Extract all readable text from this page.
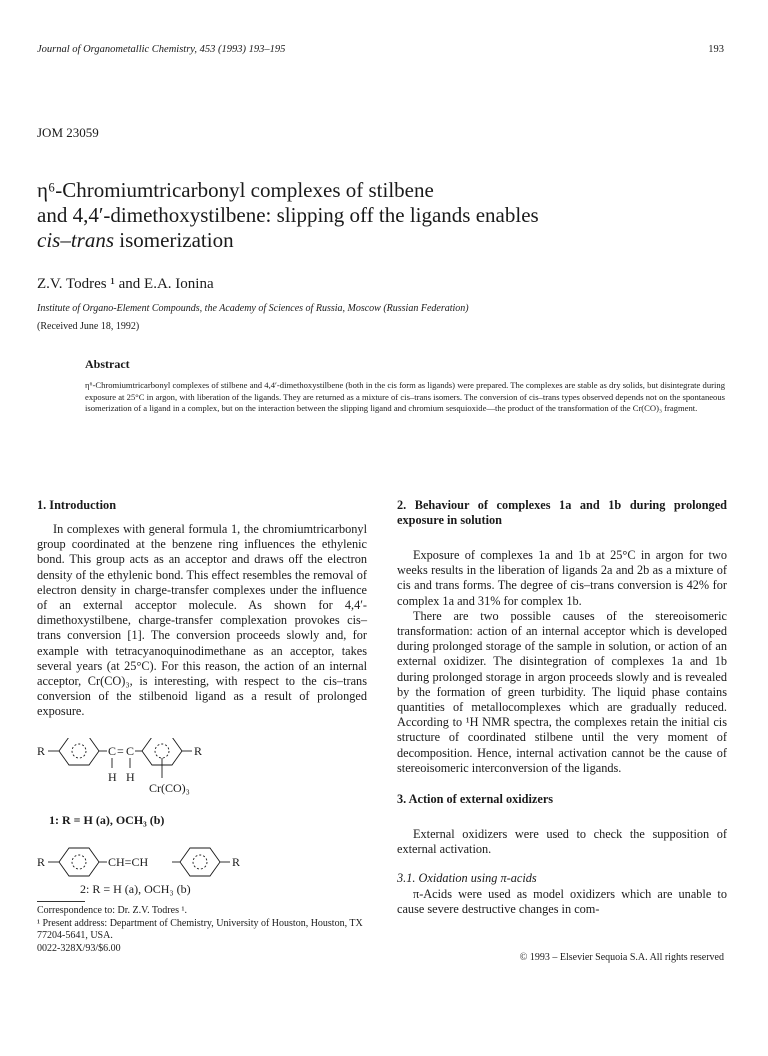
Journal of Organometallic Chemistry, 453 (1993) 193–195	193
JOM 23059
η⁶-Chromiumtricarbonyl complexes of stilbene
and 4,4′-dimethoxystilbene: slipping off the ligands enables
cis–trans isomerization
Z.V. Todres ¹ and E.A. Ionina
Institute of Organo-Element Compounds, the Academy of Sciences of Russia, Moscow (Russian Federation)
(Received June 18, 1992)
Abstract
η⁶-Chromiumtricarbonyl complexes of stilbene and 4,4′-dimethoxystilbene (both in the cis form as ligands) were prepared. The complexes are stable as dry solids, but disintegrate during exposure at 25°C in argon, with liberation of the ligands. They are returned as a mixture of cis–trans isomers. The conversion of cis–trans types observed depends not on the spontaneous isomerization of a ligand in a complex, but on the interaction between the slipping ligand and chromium sesquioxide—the product of the transformation of the Cr(CO)₃ fragment.

1. Introduction

In complexes with general formula 1, the chromiumtricarbonyl group coordinated at the benzene ring influences the ethylenic bond. This group acts as an acceptor and draws off the electron density of the ethylenic bond. This effect resembles the removal of electron density in charge-transfer complexes under the influence of an external acceptor molecule. As shown for 4,4′-dimethoxystilbene, charge-transfer complexation provokes cis–trans conversion [1]. The conversion proceeds slowly and, for example with tetracyanoquinodimethane as an acceptor, takes several years (at 25°C). For this reason, the action of an internal acceptor, Cr(CO)₃, is interesting, with respect to the cis–trans conversion of the stilbenoid ligand as a result of prolonged exposure.

R	C = C	R
H H
Cr(CO)₃
1: R = H (a), OCH₃ (b)
R	CH=CH	R
2: R = H (a), OCH₃ (b)
Correspondence to: Dr. Z.V. Todres ¹.
¹ Present address: Department of Chemistry, University of Houston, Houston, TX 77204-5641, USA.
0022-328X/93/$6.00

2. Behaviour of complexes 1a and 1b during prolonged exposure in solution

Exposure of complexes 1a and 1b at 25°C in argon for two weeks results in the liberation of ligands 2a and 2b as a mixture of cis and trans forms. The degree of cis–trans conversion is 42% for complex 1a and 31% for complex 1b.

There are two possible causes of the stereoisomeric transformation: action of an internal acceptor which is developed during prolonged storage of the sample in solution, or action of an external oxidizer. The disintegration of complexes 1a and 1b during prolonged storage in argon proceeds slowly and is revealed by the formation of green turbidity. The liquid phase contains quantities of metallocomplexes which are gradually reduced. According to ¹H NMR spectra, the complexes retain the initial cis structure of coordinated stilbene until the very moment of decomposition. Hence, internal activation cannot be the cause of stereoisomeric interconversion of the ligands.

3. Action of external oxidizers

External oxidizers were used to check the supposition of external activation.

3.1. Oxidation using π-acids

π-Acids were used as model oxidizers which are unable to cause severe destructive changes in com-

© 1993 – Elsevier Sequoia S.A. All rights reserved
